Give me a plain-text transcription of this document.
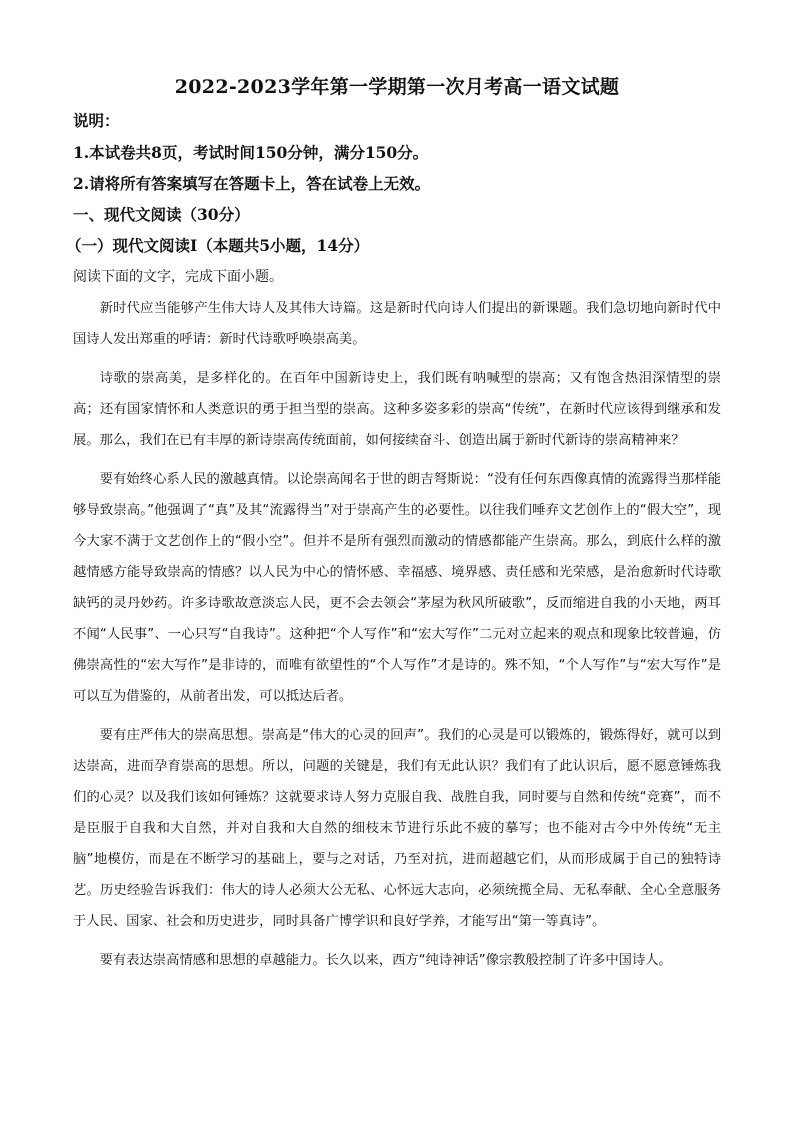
2022-2023学年第一学期第一次月考高一语文试题
说明：
1.本试卷共8页，考试时间150分钟，满分150分。
2.请将所有答案填写在答题卡上，答在试卷上无效。
一、现代文阅读（30分）
（一）现代文阅读Ⅰ（本题共5小题，14分）
阅读下面的文字，完成下面小题。

新时代应当能够产生伟大诗人及其伟大诗篇。这是新时代向诗人们提出的新课题。我们急切地向新时代中国诗人发出郑重的呼请：新时代诗歌呼唤崇高美。

诗歌的崇高美，是多样化的。在百年中国新诗史上，我们既有呐喊型的崇高；又有饱含热泪深情型的崇高；还有国家情怀和人类意识的勇于担当型的崇高。这种多姿多彩的崇高“传统”，在新时代应该得到继承和发展。那么，我们在已有丰厚的新诗崇高传统面前，如何接续奋斗、创造出属于新时代新诗的崇高精神来？

要有始终心系人民的激越真情。以论崇高闻名于世的朗吉弩斯说：“没有任何东西像真情的流露得当那样能够导致崇高。”他强调了“真”及其“流露得当”对于崇高产生的必要性。以往我们唾弃文艺创作上的“假大空”，现今大家不满于文艺创作上的“假小空”。但并不是所有强烈而激动的情感都能产生崇高。那么，到底什么样的激越情感方能导致崇高的情感？以人民为中心的情怀感、幸福感、境界感、责任感和光荣感，是治愈新时代诗歌缺钙的灵丹妙药。许多诗歌故意淡忘人民，更不会去领会“茅屋为秋风所破歌”，反而缩进自我的小天地，两耳不闻“人民事”、一心只写“自我诗”。这种把“个人写作”和“宏大写作”二元对立起来的观点和现象比较普遍，仿佛崇高性的“宏大写作”是非诗的，而唯有欲望性的“个人写作”才是诗的。殊不知，“个人写作”与“宏大写作”是可以互为借鉴的，从前者出发，可以抵达后者。

要有庄严伟大的崇高思想。崇高是“伟大的心灵的回声”。我们的心灵是可以锻炼的，锻炼得好，就可以到达崇高，进而孕育崇高的思想。所以，问题的关键是，我们有无此认识？我们有了此认识后，愿不愿意锤炼我们的心灵？以及我们该如何锤炼？这就要求诗人努力克服自我、战胜自我，同时要与自然和传统“竞赛”，而不是臣服于自我和大自然，并对自我和大自然的细枝末节进行乐此不疲的摹写；也不能对古今中外传统“无主脑”地模仿，而是在不断学习的基础上，要与之对话，乃至对抗，进而超越它们，从而形成属于自己的独特诗艺。历史经验告诉我们：伟大的诗人必须大公无私、心怀远大志向，必须统揽全局、无私奉献、全心全意服务于人民、国家、社会和历史进步，同时具备广博学识和良好学养，才能写出“第一等真诗”。

要有表达崇高情感和思想的卓越能力。长久以来，西方“纯诗神话”像宗教般控制了许多中国诗人。
